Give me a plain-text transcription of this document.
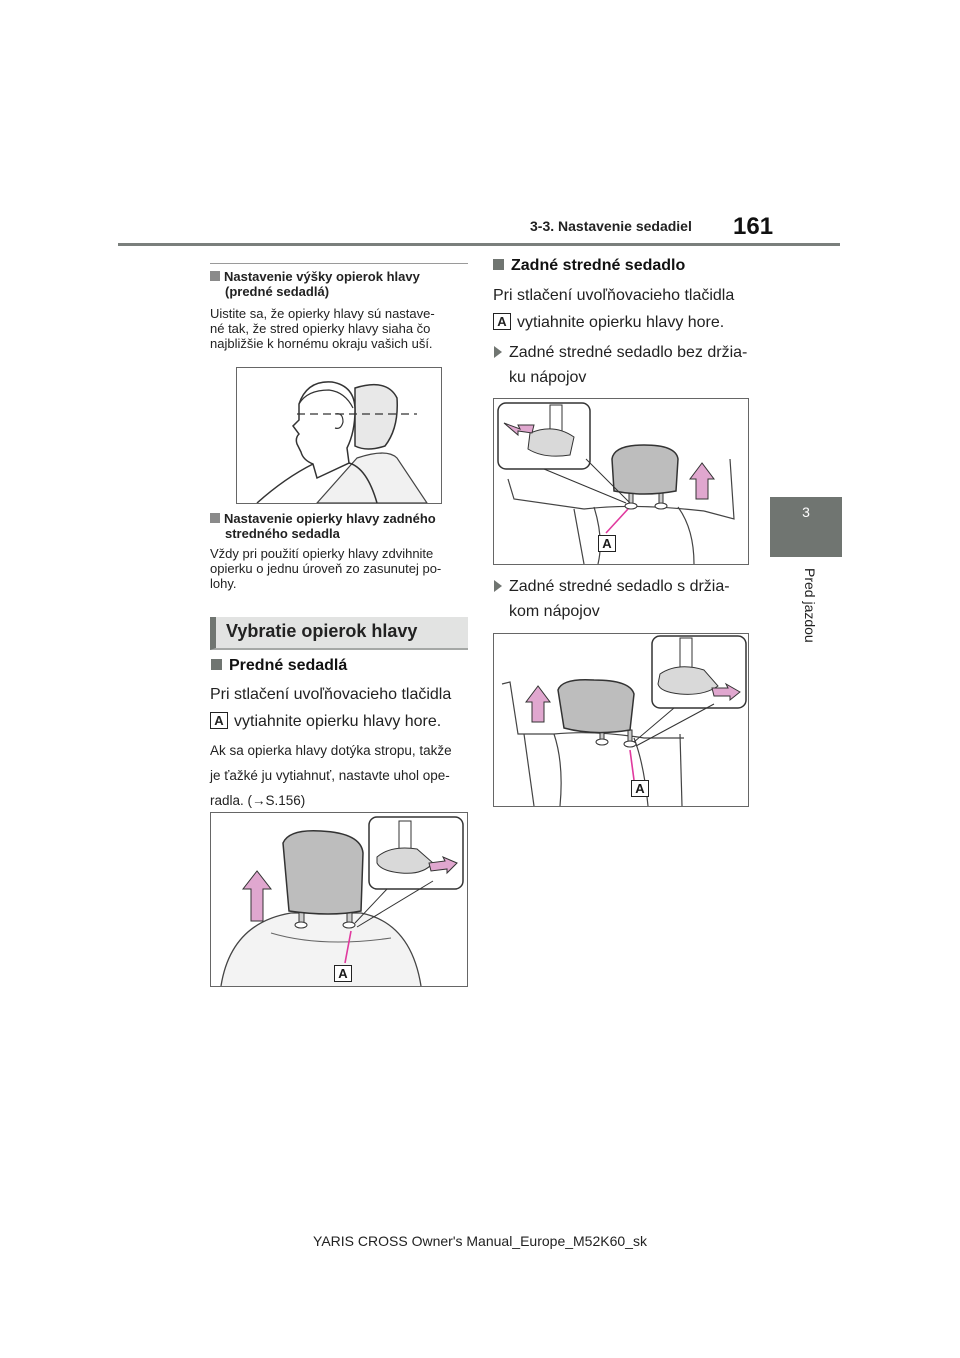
3-3. Nastavenie sedadiel 161
3
Pred jazdou
Nastavenie výšky opierok hlavy
(predné sedadlá)
Uistite sa, že opierky hlavy sú nastave-
né tak, že stred opierky hlavy siaha čo
najbližšie k hornému okraju vašich uší.
Nastavenie opierky hlavy zadného
stredného sedadla
Vždy pri použití opierky hlavy zdvihnite
opierku o jednu úroveň zo zasunutej po-
lohy.
Vybratie opierok hlavy
Predné sedadlá
Pri stlačení uvoľňovacieho tlačidla
A vytiahnite opierku hlavy hore.
Ak sa opierka hlavy dotýka stropu, takže
je ťažké ju vytiahnuť, nastavte uhol ope-
radla. (→S.156)
A
Zadné stredné sedadlo
Pri stlačení uvoľňovacieho tlačidla
A vytiahnite opierku hlavy hore.
Zadné stredné sedadlo bez držia-
ku nápojov
A
Zadné stredné sedadlo s držia-
kom nápojov
A
YARIS CROSS Owner's Manual_Europe_M52K60_sk
